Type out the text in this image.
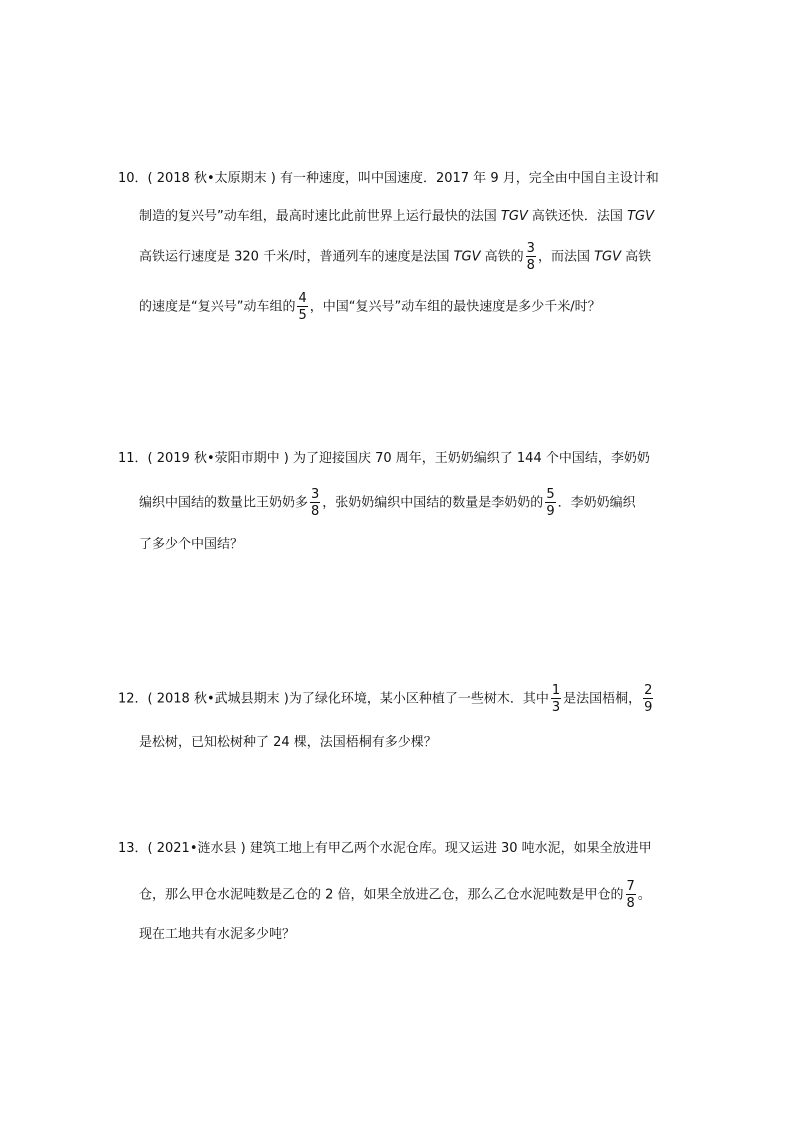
10．( 2018 秋•太原期末 ) 有一种速度，叫中国速度．2017 年 9 月，完全由中国自主设计和
制造的复兴号”动车组，最高时速比此前世界上运行最快的法国 TGV 高铁还快．法国 TGV
高铁运行速度是 320 千米/时，普通列车的速度是法国 TGV 高铁的 $\frac{3}{8}$ ，而法国 TGV 高铁
的速度是“复兴号”动车组的 $\frac{4}{5}$ ，中国“复兴号”动车组的最快速度是多少千米/时？
11．( 2019 秋•荥阳市期中 ) 为了迎接国庆 70 周年，王奶奶编织了 144 个中国结，李奶奶
编织中国结的数量比王奶奶多 $\frac{3}{8}$ ，张奶奶编织中国结的数量是李奶奶的 $\frac{5}{9}$ ．李奶奶编织
了多少个中国结？
12．( 2018 秋•武城县期末 )为了绿化环境，某小区种植了一些树木．其中 $\frac{1}{3}$ 是法国梧桐， $\frac{2}{9}$
是松树，已知松树种了 24 棵，法国梧桐有多少棵？
13．( 2021•涟水县 ) 建筑工地上有甲乙两个水泥仓库。现又运进 30 吨水泥，如果全放进甲
仓，那么甲仓水泥吨数是乙仓的 2 倍，如果全放进乙仓，那么乙仓水泥吨数是甲仓的 $\frac{7}{8}$ 。
现在工地共有水泥多少吨？
